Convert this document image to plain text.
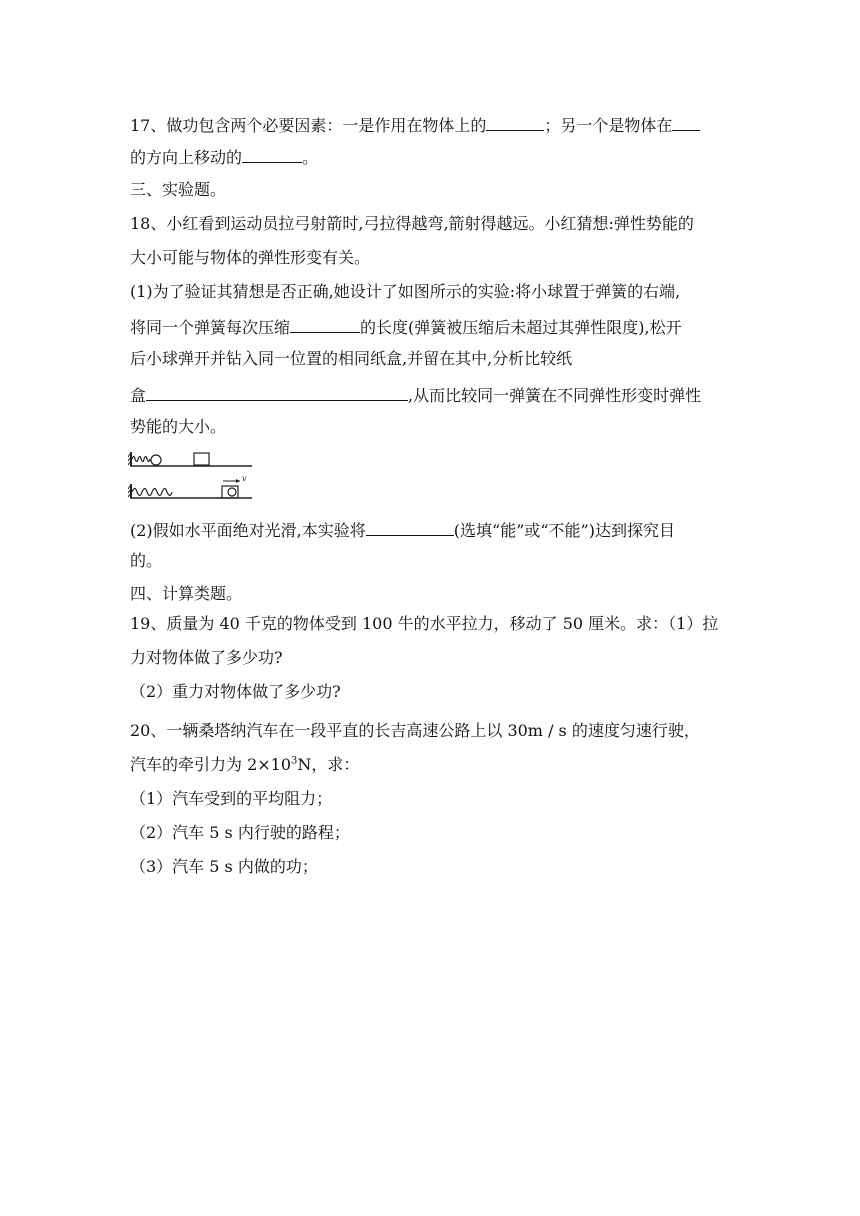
17、做功包含两个必要因素：一是作用在物体上的	；另一个是物体在
的方向上移动的	。
三、实验题。
18、小红看到运动员拉弓射箭时,弓拉得越弯,箭射得越远。小红猜想:弹性势能的
大小可能与物体的弹性形变有关。
(1)为了验证其猜想是否正确,她设计了如图所示的实验:将小球置于弹簧的右端,
将同一个弹簧每次压缩	的长度(弹簧被压缩后未超过其弹性限度),松开
后小球弹开并钻入同一位置的相同纸盒,并留在其中,分析比较纸
盒	,从而比较同一弹簧在不同弹性形变时弹性
势能的大小。
v
(2)假如水平面绝对光滑,本实验将	(选填“能”或“不能”)达到探究目
的。
四、计算类题。
19、质量为 40 千克的物体受到 100 牛的水平拉力，移动了 50 厘米。求：（1）拉
力对物体做了多少功?
（2）重力对物体做了多少功?
20、一辆桑塔纳汽车在一段平直的长吉高速公路上以 30m / s 的速度匀速行驶，
汽车的牵引力为 $2\times 10^3N$，求：
（1）汽车受到的平均阻力；
（2）汽车 5 s 内行驶的路程；
（3）汽车 5 s 内做的功；
